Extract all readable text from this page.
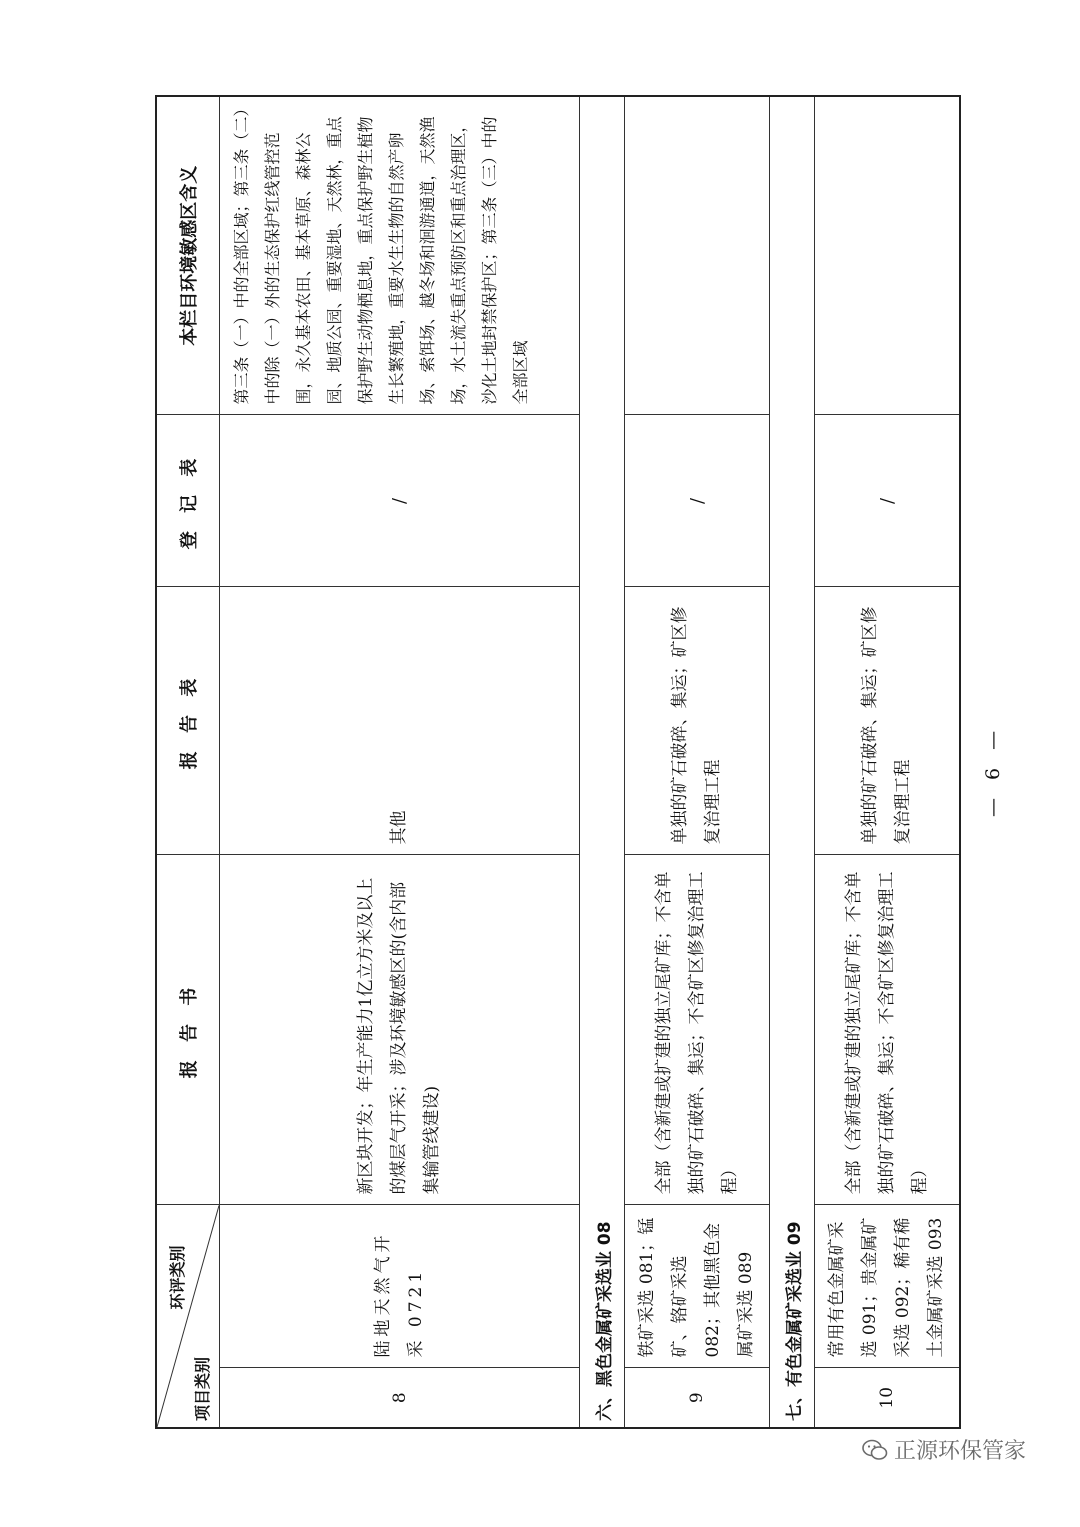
环评类别
项目类别		报 告 书	报 告 表	登 记 表	本栏目环境敏感区含义
8	陆地天然气开采 0721	新区块开发；年生产能力1亿立方米及以上的煤层气开采；涉及环境敏感区的(含内部集输管线建设)	其他	/	第三条（一）中的全部区域；第三条（二）中的除（一）外的生态保护红线管控范围，永久基本农田、基本草原、森林公园、地质公园、重要湿地、天然林，重点保护野生动物栖息地，重点保护野生植物生长繁殖地，重要水生生物的自然产卵场、索饵场、越冬场和洄游通道，天然渔场，水土流失重点预防区和重点治理区，沙化土地封禁保护区；第三条（三）中的全部区域
六、黑色金属矿采选业 08					
9	铁矿采选 081；锰矿、铬矿采选 082；其他黑色金属矿采选 089	全部（含新建或扩建的独立尾矿库；不含单独的矿石破碎、集运；不含矿区修复治理工程）	单独的矿石破碎、集运；矿区修复治理工程	/	
七、有色金属矿采选业 09					
10	常用有色金属矿采选 091；贵金属矿采选 092；稀有稀土金属矿采选 093	全部（含新建或扩建的独立尾矿库；不含单独的矿石破碎、集运；不含矿区修复治理工程）	单独的矿石破碎、集运；矿区修复治理工程	/	
— 6 —
正源环保管家
